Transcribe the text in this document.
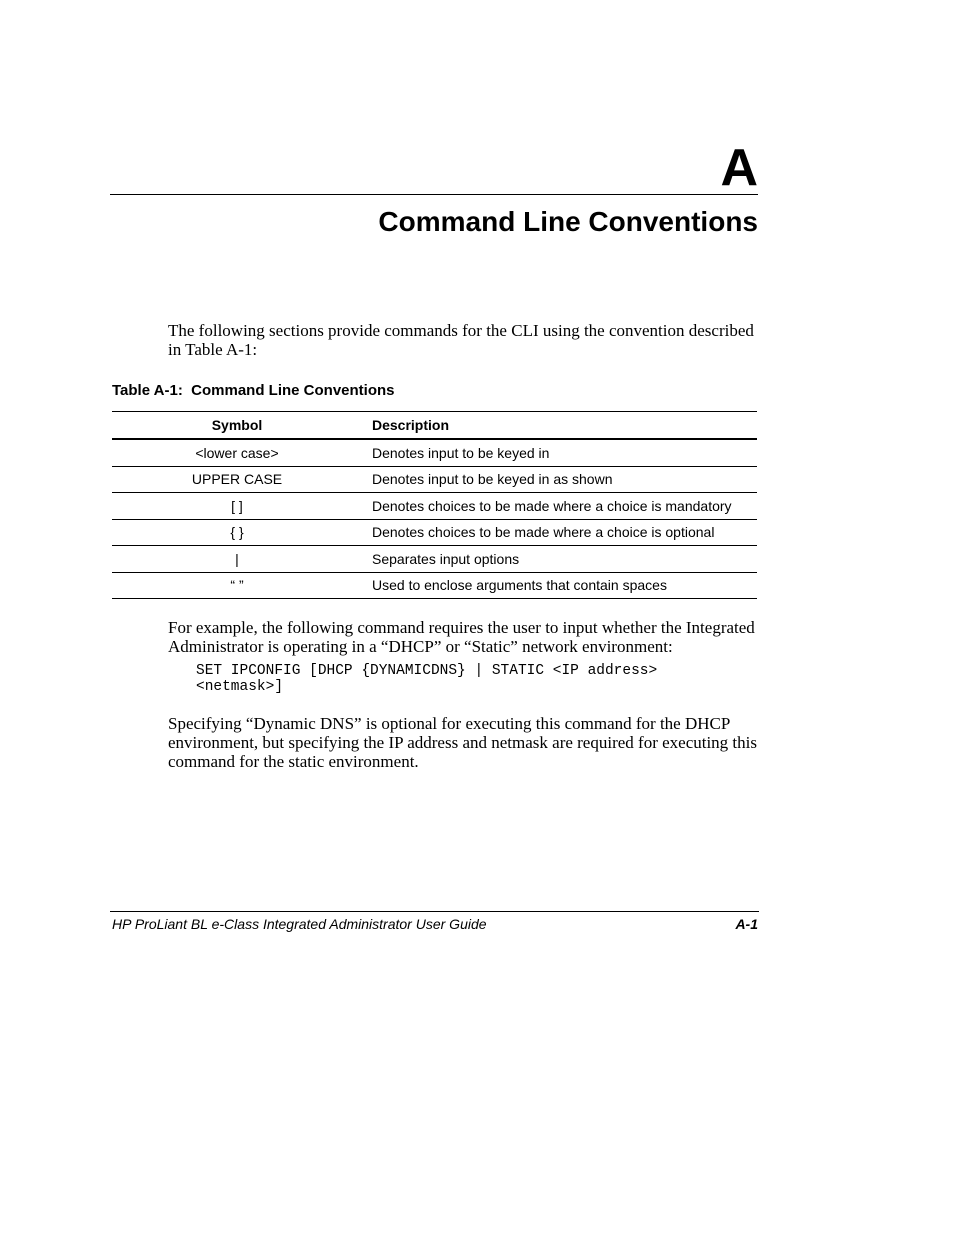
A
Command Line Conventions

The following sections provide commands for the CLI using the convention described in Table A-1:

Table A-1:  Command Line Conventions
Symbol	Description
<lower case>	Denotes input to be keyed in
UPPER CASE	Denotes input to be keyed in as shown
[ ]	Denotes choices to be made where a choice is mandatory
{ }	Denotes choices to be made where a choice is optional
|	Separates input options
“ ”	Used to enclose arguments that contain spaces

For example, the following command requires the user to input whether the Integrated Administrator is operating in a “DHCP” or “Static” network environment:

SET IPCONFIG [DHCP {DYNAMICDNS} | STATIC <IP address>
<netmask>]

Specifying “Dynamic DNS” is optional for executing this command for the DHCP environment, but specifying the IP address and netmask are required for executing this command for the static environment.

HP ProLiant BL e-Class Integrated Administrator User Guide	A-1
